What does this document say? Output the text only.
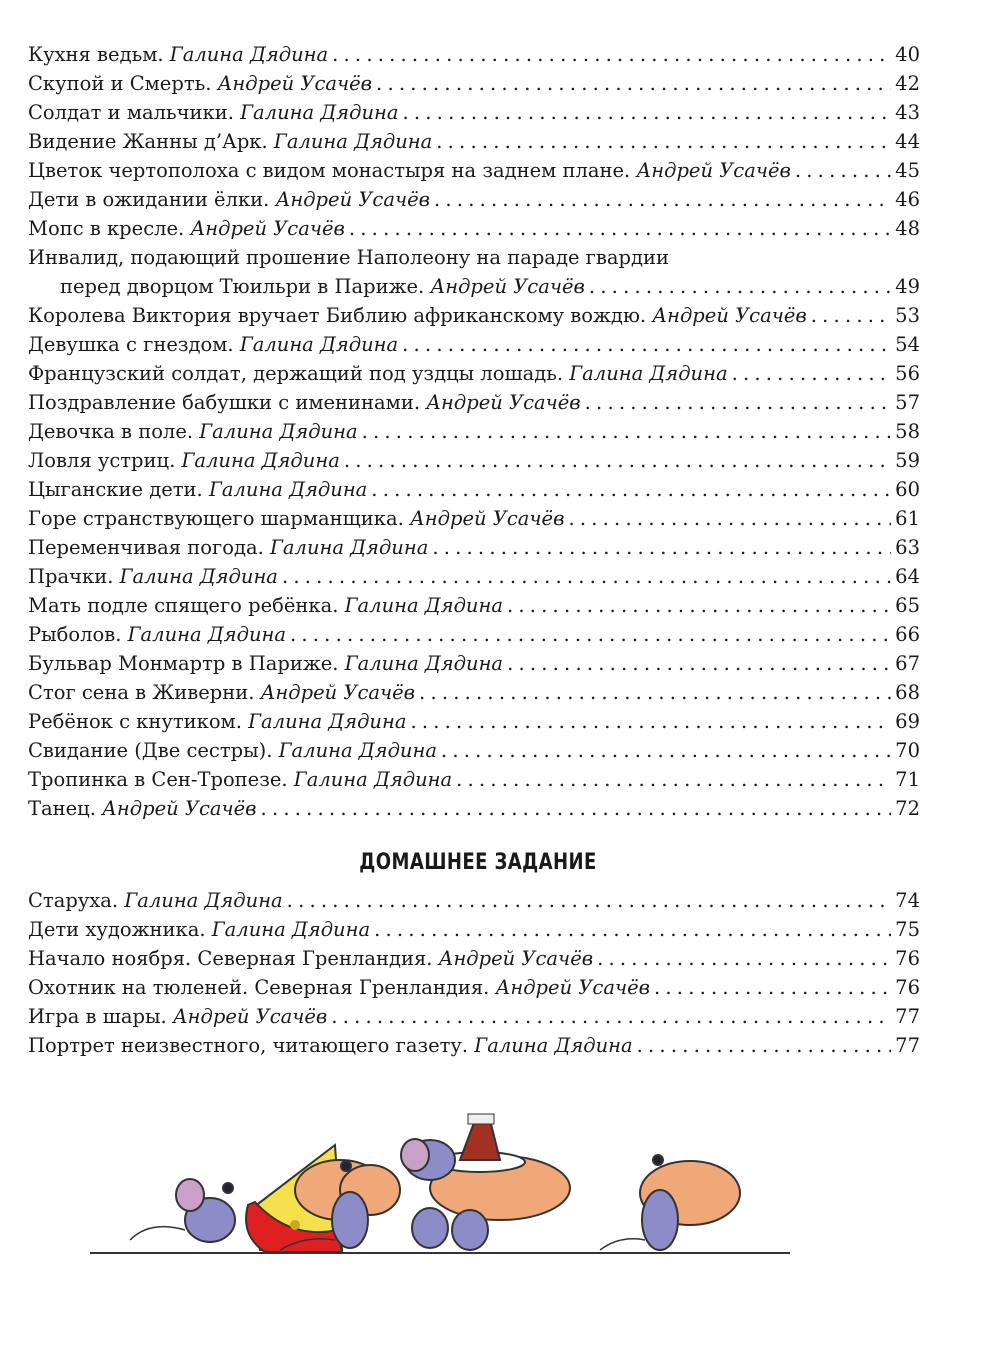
Кухня ведьм. Галина Дядина . . .	40
Скупой и Смерть. Андрей Усачёв . . .	42
Солдат и мальчики. Галина Дядина . . .	43
Видение Жанны д’Арк. Галина Дядина . . .	44
Цветок чертополоха с видом монастыря на заднем плане. Андрей Усачёв . . .	45
Дети в ожидании ёлки. Андрей Усачёв . . .	46
Мопс в кресле. Андрей Усачёв . . .	48
Инвалид, подающий прошение Наполеону на параде гвардии
перед дворцом Тюильри в Париже. Андрей Усачёв . . .	49
Королева Виктория вручает Библию африканскому вождю. Андрей Усачёв . . .	53
Девушка с гнездом. Галина Дядина . . .	54
Французский солдат, держащий под уздцы лошадь. Галина Дядина . . .	56
Поздравление бабушки с именинами. Андрей Усачёв . . .	57
Девочка в поле. Галина Дядина . . .	58
Ловля устриц. Галина Дядина . . .	59
Цыганские дети. Галина Дядина . . .	60
Горе странствующего шарманщика. Андрей Усачёв . . .	61
Переменчивая погода. Галина Дядина . . .	63
Прачки. Галина Дядина . . .	64
Мать подле спящего ребёнка. Галина Дядина . . .	65
Рыболов. Галина Дядина . . .	66
Бульвар Монмартр в Париже. Галина Дядина . . .	67
Стог сена в Живерни. Андрей Усачёв . . .	68
Ребёнок с кнутиком. Галина Дядина . . .	69
Свидание (Две сестры). Галина Дядина . . .	70
Тропинка в Сен-Тропезе. Галина Дядина . . .	71
Танец. Андрей Усачёв . . .	72
ДОМАШНЕЕ ЗАДАНИЕ
Старуха. Галина Дядина . . .	74
Дети художника. Галина Дядина . . .	75
Начало ноября. Северная Гренландия. Андрей Усачёв . . .	76
Охотник на тюленей. Северная Гренландия. Андрей Усачёв . . .	76
Игра в шары. Андрей Усачёв . . .	77
Портрет неизвестного, читающего газету. Галина Дядина . . .	77
